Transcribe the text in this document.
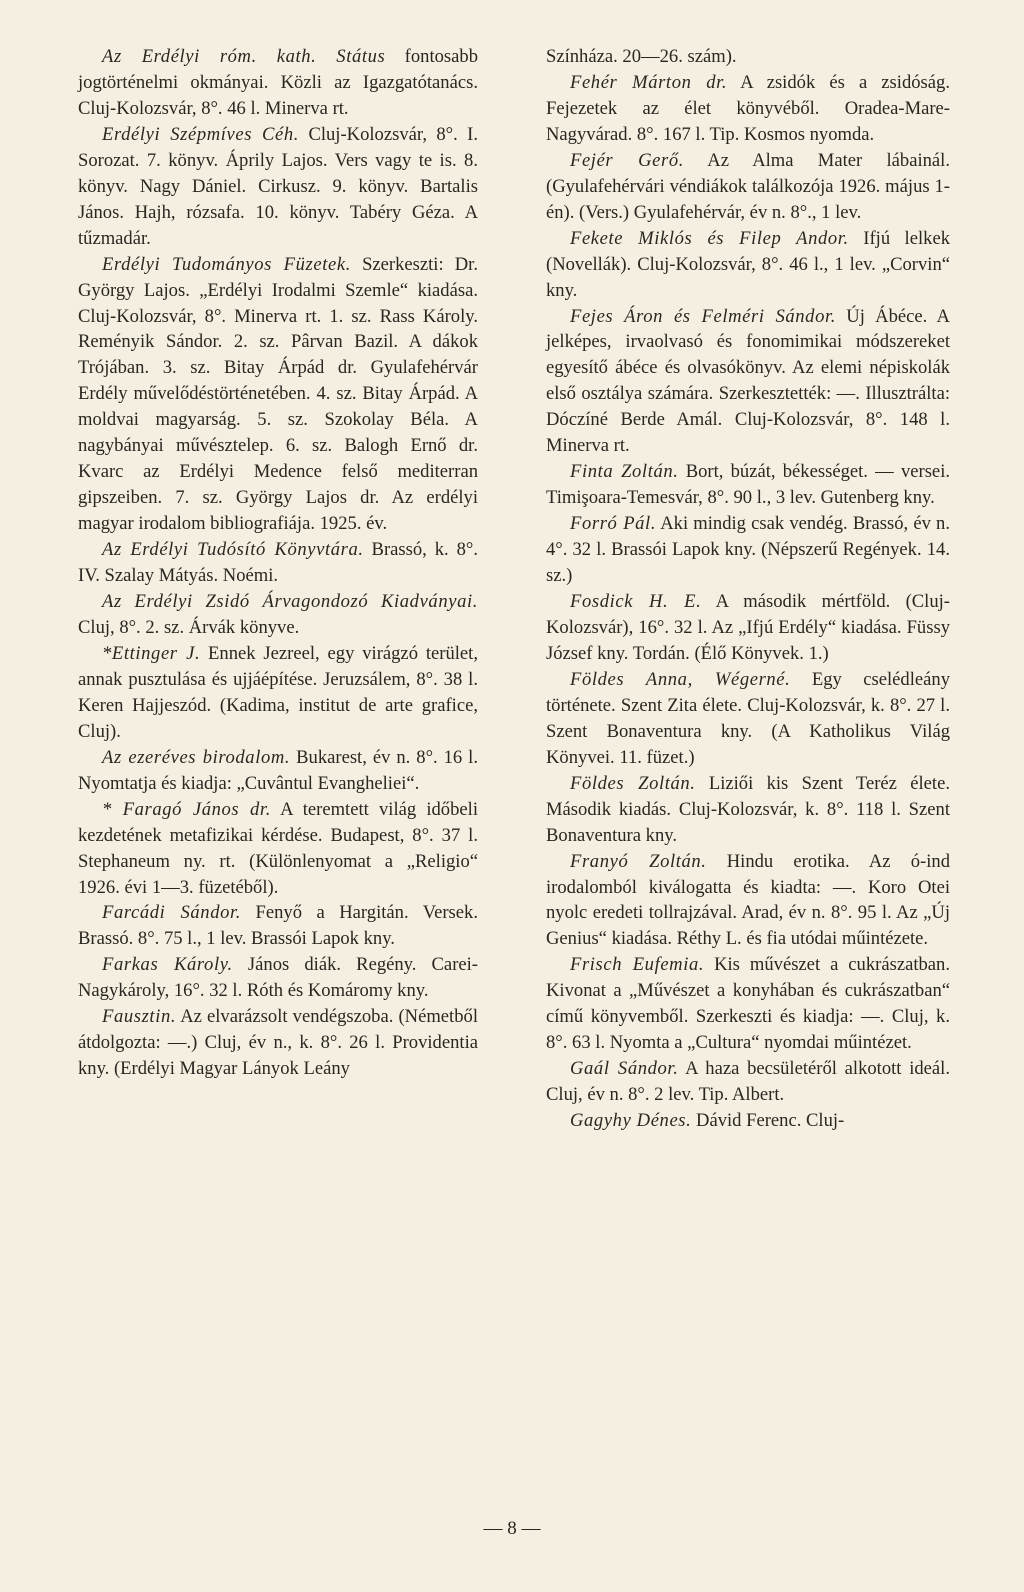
Az Erdélyi róm. kath. Státus fontosabb jogtörténelmi okmányai. Közli az Igazgatótanács. Cluj-Kolozsvár, 8°. 46 l. Minerva rt.

Erdélyi Szépmíves Céh. Cluj-Kolozsvár, 8°. I. Sorozat. 7. könyv. Áprily Lajos. Vers vagy te is. 8. könyv. Nagy Dániel. Cirkusz. 9. könyv. Bartalis János. Hajh, rózsafa. 10. könyv. Tabéry Géza. A tűzmadár.

Erdélyi Tudományos Füzetek. Szerkeszti: Dr. György Lajos. „Erdélyi Irodalmi Szemle“ kiadása. Cluj-Kolozsvár, 8°. Minerva rt. 1. sz. Rass Károly. Reményik Sándor. 2. sz. Pârvan Bazil. A dákok Trójában. 3. sz. Bitay Árpád dr. Gyulafehérvár Erdély művelődéstörténetében. 4. sz. Bitay Árpád. A moldvai magyarság. 5. sz. Szokolay Béla. A nagybányai művésztelep. 6. sz. Balogh Ernő dr. Kvarc az Erdélyi Medence felső mediterran gipszeiben. 7. sz. György Lajos dr. Az erdélyi magyar irodalom bibliografiája. 1925. év.

Az Erdélyi Tudósító Könyvtára. Brassó, k. 8°. IV. Szalay Mátyás. Noémi.

Az Erdélyi Zsidó Árvagondozó Kiadványai. Cluj, 8°. 2. sz. Árvák könyve.

*Ettinger J. Ennek Jezreel, egy virágzó terület, annak pusztulása és ujjáépítése. Jeruzsálem, 8°. 38 l. Keren Hajjeszód. (Kadima, institut de arte grafice, Cluj).

Az ezeréves birodalom. Bukarest, év n. 8°. 16 l. Nyomtatja és kiadja: „Cuvântul Evangheliei“.

* Faragó János dr. A teremtett világ időbeli kezdetének metafizikai kérdése. Budapest, 8°. 37 l. Stephaneum ny. rt. (Különlenyomat a „Religio“ 1926. évi 1—3. füzetéből).

Farcádi Sándor. Fenyő a Hargitán. Versek. Brassó. 8°. 75 l., 1 lev. Brassói Lapok kny.

Farkas Károly. János diák. Regény. Carei-Nagykároly, 16°. 32 l. Róth és Komáromy kny.

Fausztin. Az elvarázsolt vendégszoba. (Németből átdolgozta: —.) Cluj, év n., k. 8°. 26 l. Providentia kny. (Erdélyi Magyar Lányok Leány

Színháza. 20—26. szám).

Fehér Márton dr. A zsidók és a zsidóság. Fejezetek az élet könyvéből. Oradea-Mare-Nagyvárad. 8°. 167 l. Tip. Kosmos nyomda.

Fejér Gerő. Az Alma Mater lábainál. (Gyulafehérvári véndiákok találkozója 1926. május 1-én). (Vers.) Gyulafehérvár, év n. 8°., 1 lev.

Fekete Miklós és Filep Andor. Ifjú lelkek (Novellák). Cluj-Kolozsvár, 8°. 46 l., 1 lev. „Corvin“ kny.

Fejes Áron és Felméri Sándor. Új Ábéce. A jelképes, irvaolvasó és fonomimikai módszereket egyesítő ábéce és olvasókönyv. Az elemi népiskolák első osztálya számára. Szerkesztették: —. Illusztrálta: Dóczíné Berde Amál. Cluj-Kolozsvár, 8°. 148 l. Minerva rt.

Finta Zoltán. Bort, búzát, békességet. — versei. Timişoara-Temesvár, 8°. 90 l., 3 lev. Gutenberg kny.

Forró Pál. Aki mindig csak vendég. Brassó, év n. 4°. 32 l. Brassói Lapok kny. (Népszerű Regények. 14. sz.)

Fosdick H. E. A második mértföld. (Cluj-Kolozsvár), 16°. 32 l. Az „Ifjú Erdély“ kiadása. Füssy József kny. Tordán. (Élő Könyvek. 1.)

Földes Anna, Wégerné. Egy cselédleány története. Szent Zita élete. Cluj-Kolozsvár, k. 8°. 27 l. Szent Bonaventura kny. (A Katholikus Világ Könyvei. 11. füzet.)

Földes Zoltán. Liziői kis Szent Teréz élete. Második kiadás. Cluj-Kolozsvár, k. 8°. 118 l. Szent Bonaventura kny.

Franyó Zoltán. Hindu erotika. Az ó-ind irodalomból kiválogatta és kiadta: —. Koro Otei nyolc eredeti tollrajzával. Arad, év n. 8°. 95 l. Az „Új Genius“ kiadása. Réthy L. és fia utódai műintézete.

Frisch Eufemia. Kis művészet a cukrászatban. Kivonat a „Művészet a konyhában és cukrászatban“ című könyvemből. Szerkeszti és kiadja: —. Cluj, k. 8°. 63 l. Nyomta a „Cultura“ nyomdai műintézet.

Gaál Sándor. A haza becsületéről alkotott ideál. Cluj, év n. 8°. 2 lev. Tip. Albert.

Gagyhy Dénes. Dávid Ferenc. Cluj-

— 8 —
